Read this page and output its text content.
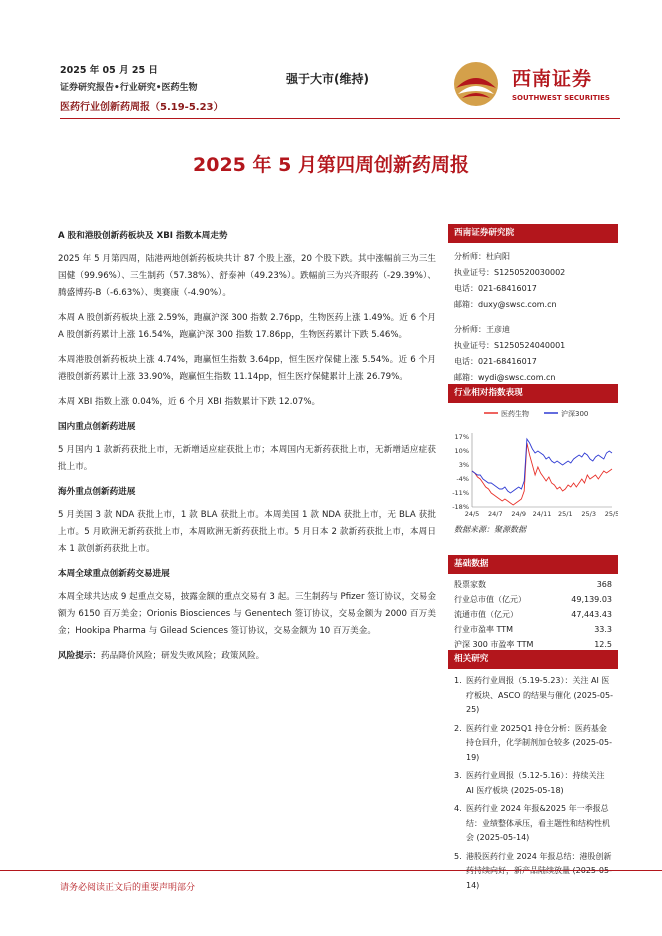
2025 年 05 月 25 日
证券研究报告•行业研究•医药生物
医药行业创新药周报（5.19-5.23）
强于大市(维持)	西南证券
SOUTHWEST SECURITIES
2025 年 5 月第四周创新药周报
A 股和港股创新药板块及 XBI 指数本周走势

2025 年 5 月第四周，陆港两地创新药板块共计 87 个股上涨，20 个股下跌。其中涨幅前三为三生国健（99.96%）、三生制药（57.38%）、舒泰神（49.23%）。跌幅前三为兴齐眼药（-29.39%）、腾盛博药-B（-6.63%）、奥赛康（-4.90%）。

本周 A 股创新药板块上涨 2.59%，跑赢沪深 300 指数 2.76pp，生物医药上涨 1.49%。近 6 个月 A 股创新药累计上涨 16.54%，跑赢沪深 300 指数 17.86pp，生物医药累计下跌 5.46%。

本周港股创新药板块上涨 4.74%，跑赢恒生指数 3.64pp，恒生医疗保健上涨 5.54%。近 6 个月港股创新药累计上涨 33.90%，跑赢恒生指数 11.14pp，恒生医疗保健累计上涨 26.79%。

本周 XBI 指数上涨 0.04%，近 6 个月 XBI 指数累计下跌 12.07%。

国内重点创新药进展

5 月国内 1 款新药获批上市，无新增适应症获批上市；本周国内无新药获批上市，无新增适应症获批上市。

海外重点创新药进展

5 月美国 3 款 NDA 获批上市，1 款 BLA 获批上市。本周美国 1 款 NDA 获批上市，无 BLA 获批上市。5 月欧洲无新药获批上市，本周欧洲无新药获批上市。5 月日本 2 款新药获批上市，本周日本 1 款创新药获批上市。

本周全球重点创新药交易进展

本周全球共达成 9 起重点交易，披露金额的重点交易有 3 起。三生制药与 Pfizer 签订协议，交易金额为 6150 百万美金；Orionis Biosciences 与 Genentech 签订协议，交易金额为 2000 百万美金；Hookipa Pharma 与 Gilead Sciences 签订协议，交易金额为 10 百万美金。

风险提示：药品降价风险；研发失败风险；政策风险。

西南证券研究院
分析师：杜向阳
执业证号：S1250520030002
电话：021-68416017
邮箱：duxy@swsc.com.cn
分析师：王彦迪
执业证号：S1250524040001
电话：021-68416017
邮箱：wydi@swsc.com.cn
行业相对指数表现
医药生物	沪深300
17%
10%
3%
-4%
-11%
-18%
24/5 24/7 24/9 24/11 25/1 25/3 25/5
数据来源：聚源数据
基础数据
股票家数	368
行业总市值（亿元）	49,139.03
流通市值（亿元）	47,443.43
行业市盈率 TTM	33.3
沪深 300 市盈率 TTM	12.5
相关研究
1. 医药行业周报（5.19-5.23）：关注 AI 医疗板块、ASCO 的结果与催化 (2025-05-25)
2. 医药行业 2025Q1 持仓分析：医药基金持仓回升，化学制剂加仓较多 (2025-05-19)
3. 医药行业周报（5.12-5.16）：持续关注 AI 医疗板块 (2025-05-18)
4. 医药行业 2024 年报&2025 年一季报总结：业绩整体承压，看主题性和结构性机会 (2025-05-14)
5. 港股医药行业 2024 年报总结：港股创新 14)
请务必阅读正文后的重要声明部分
